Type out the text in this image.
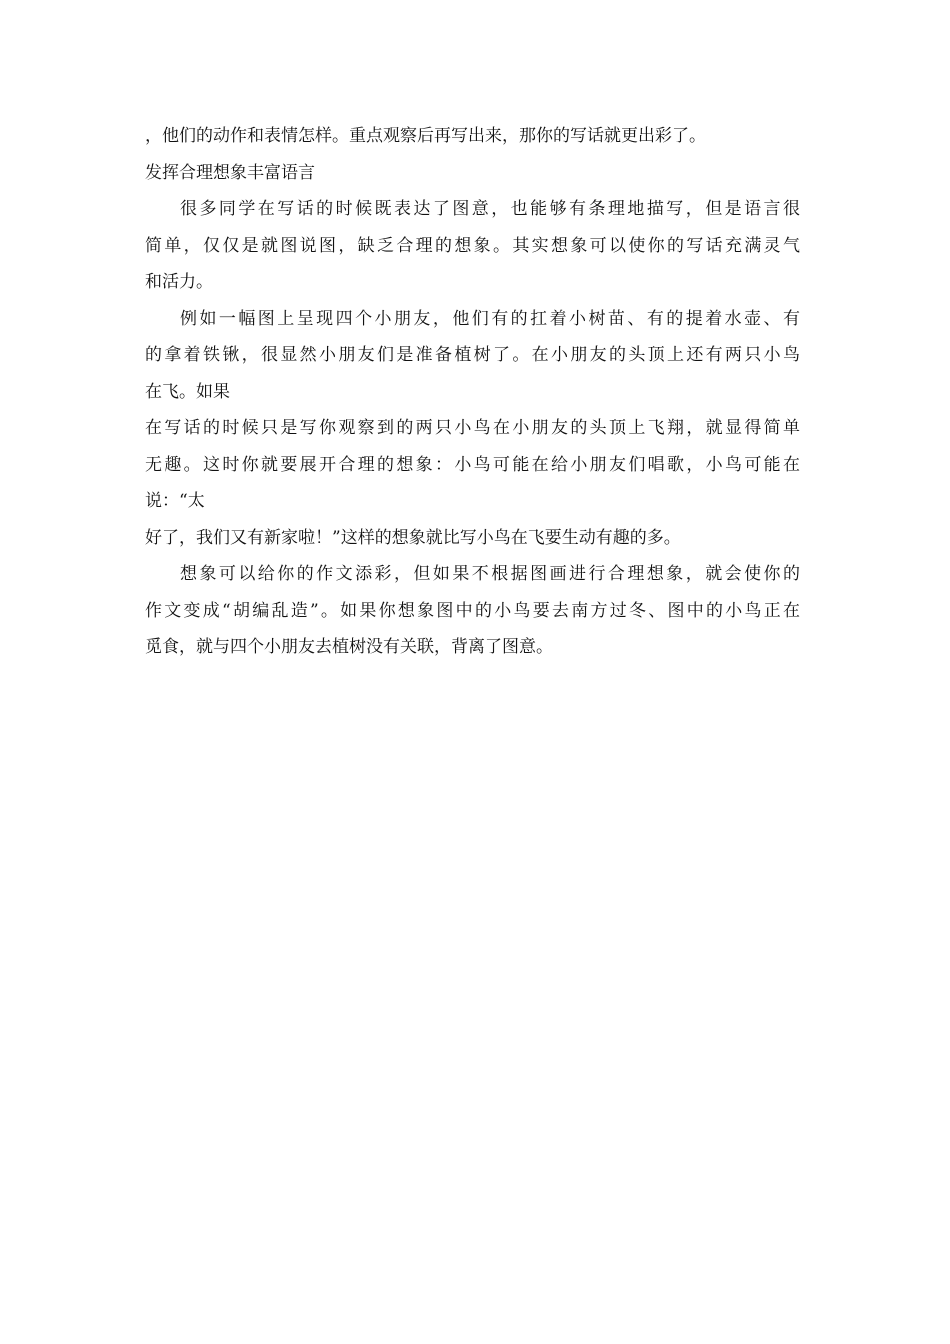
，他们的动作和表情怎样。重点观察后再写出来，那你的写话就更出彩了。
发挥合理想象丰富语言
很多同学在写话的时候既表达了图意，也能够有条理地描写，但是语言很
简单，仅仅是就图说图，缺乏合理的想象。其实想象可以使你的写话充满灵气
和活力。
例如一幅图上呈现四个小朋友，他们有的扛着小树苗、有的提着水壶、有
的拿着铁锹，很显然小朋友们是准备植树了。在小朋友的头顶上还有两只小鸟
在飞。如果
在写话的时候只是写你观察到的两只小鸟在小朋友的头顶上飞翔，就显得简单
无趣。这时你就要展开合理的想象：小鸟可能在给小朋友们唱歌，小鸟可能在
说：“太
好了，我们又有新家啦！”这样的想象就比写小鸟在飞要生动有趣的多。
想象可以给你的作文添彩，但如果不根据图画进行合理想象，就会使你的
作文变成“胡编乱造”。如果你想象图中的小鸟要去南方过冬、图中的小鸟正在
觅食，就与四个小朋友去植树没有关联，背离了图意。
